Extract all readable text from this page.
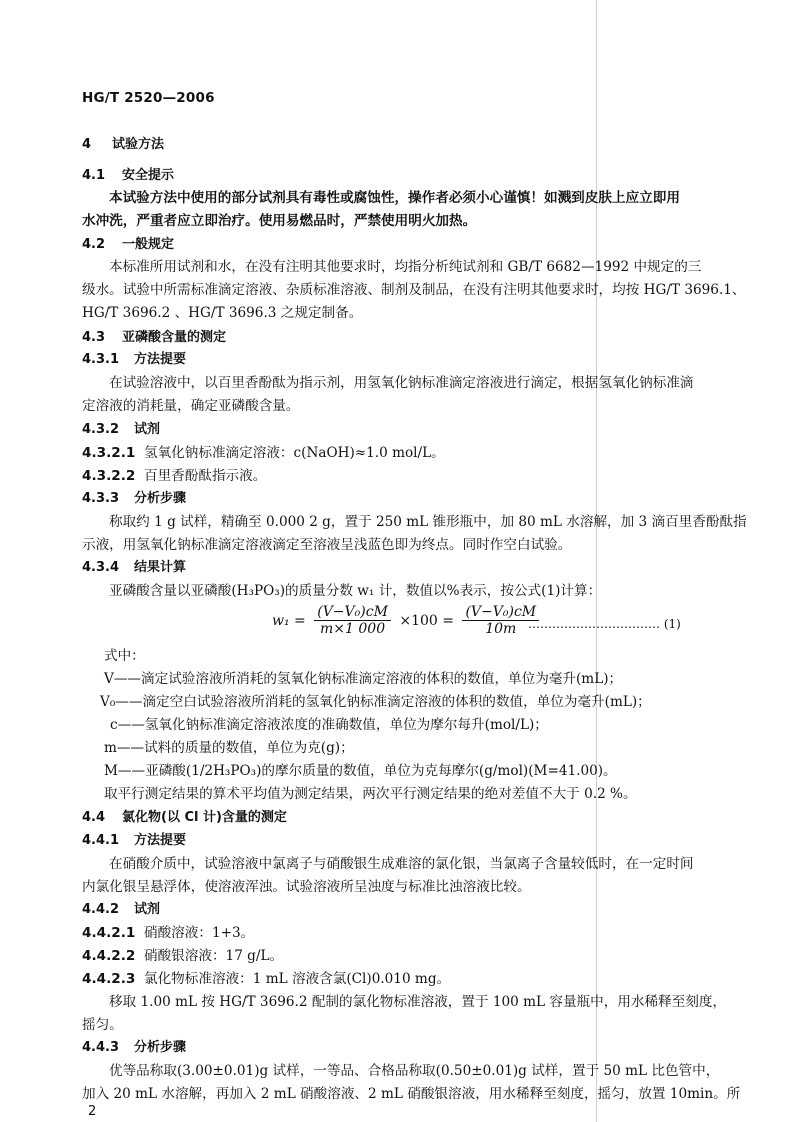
HG/T 2520—2006
4 试验方法
4.1 安全提示
本试验方法中使用的部分试剂具有毒性或腐蚀性，操作者必须小心谨慎！如溅到皮肤上应立即用
水冲洗，严重者应立即治疗。使用易燃品时，严禁使用明火加热。
4.2 一般规定
本标准所用试剂和水，在没有注明其他要求时，均指分析纯试剂和 GB/T 6682—1992 中规定的三
级水。试验中所需标准滴定溶液、杂质标准溶液、制剂及制品，在没有注明其他要求时，均按 HG/T 3696.1、
HG/T 3696.2 、HG/T 3696.3 之规定制备。
4.3 亚磷酸含量的测定
4.3.1 方法提要
在试验溶液中，以百里香酚酞为指示剂，用氢氧化钠标准滴定溶液进行滴定，根据氢氧化钠标准滴
定溶液的消耗量，确定亚磷酸含量。
4.3.2 试剂
4.3.2.1 氢氧化钠标准滴定溶液：c(NaOH)≈1.0 mol/L。
4.3.2.2 百里香酚酞指示液。
4.3.3 分析步骤
称取约 1 g 试样，精确至 0.000 2 g，置于 250 mL 锥形瓶中，加 80 mL 水溶解，加 3 滴百里香酚酞指
示液，用氢氧化钠标准滴定溶液滴定至溶液呈浅蓝色即为终点。同时作空白试验。
4.3.4 结果计算
亚磷酸含量以亚磷酸(H₃PO₃)的质量分数 w₁ 计，数值以%表示，按公式(1)计算：
$w_1 = \frac{\text{(V−V₀)cM}}{m\times 1 000} \times 100 = \frac{\text{(V−V₀)cM}}{10m}$
…………………………… (1)
式中：
V——滴定试验溶液所消耗的氢氧化钠标准滴定溶液的体积的数值，单位为毫升(mL)；
V₀——滴定空白试验溶液所消耗的氢氧化钠标准滴定溶液的体积的数值，单位为毫升(mL)；
c——氢氧化钠标准滴定溶液浓度的准确数值，单位为摩尔每升(mol/L)；
m——试料的质量的数值，单位为克(g)；
M——亚磷酸(1/2H₃PO₃)的摩尔质量的数值，单位为克每摩尔(g/mol)(M=41.00)。
取平行测定结果的算术平均值为测定结果，两次平行测定结果的绝对差值不大于 0.2 %。
4.4 氯化物(以 Cl 计)含量的测定
4.4.1 方法提要
在硝酸介质中，试验溶液中氯离子与硝酸银生成难溶的氯化银，当氯离子含量较低时，在一定时间
内氯化银呈悬浮体，使溶液浑浊。试验溶液所呈浊度与标准比浊溶液比较。
4.4.2 试剂
4.4.2.1 硝酸溶液：1+3。
4.4.2.2 硝酸银溶液：17 g/L。
4.4.2.3 氯化物标准溶液：1 mL 溶液含氯(Cl)0.010 mg。
移取 1.00 mL 按 HG/T 3696.2 配制的氯化物标准溶液，置于 100 mL 容量瓶中，用水稀释至刻度，
摇匀。
4.4.3 分析步骤
优等品称取(3.00±0.01)g 试样，一等品、合格品称取(0.50±0.01)g 试样，置于 50 mL 比色管中，
加入 20 mL 水溶解，再加入 2 mL 硝酸溶液、2 mL 硝酸银溶液，用水稀释至刻度，摇匀，放置 10min。所
2
